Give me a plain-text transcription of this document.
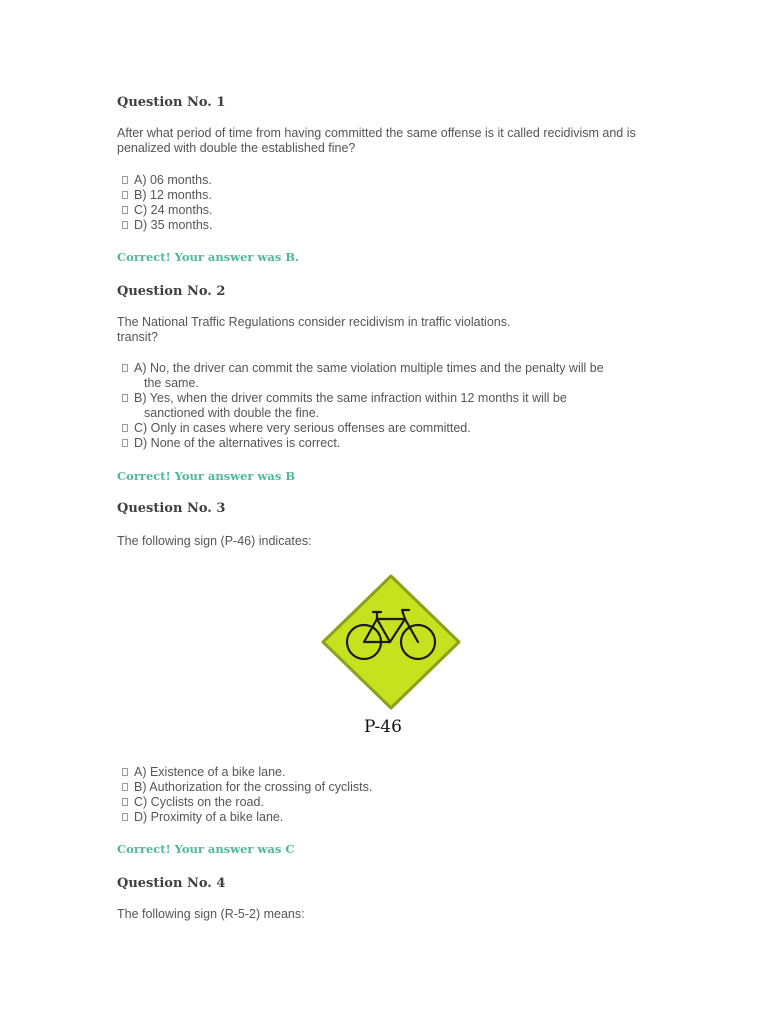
Question No. 1

After what period of time from having committed the same offense is it called recidivism and is penalized with double the established fine?

A) 06 months.
B) 12 months.
C) 24 months.
D) 35 months.

Correct! Your answer was B.

Question No. 2

The National Traffic Regulations consider recidivism in traffic violations.

transit?

A) No, the driver can commit the same violation multiple times and the penalty will be
the same.
B) Yes, when the driver commits the same infraction within 12 months it will be
sanctioned with double the fine.
C) Only in cases where very serious offenses are committed.
D) None of the alternatives is correct.

Correct! Your answer was B

Question No. 3

The following sign (P-46) indicates:

P-46
A) Existence of a bike lane.
B) Authorization for the crossing of cyclists.
C) Cyclists on the road.
D) Proximity of a bike lane.

Correct! Your answer was C

Question No. 4

The following sign (R-5-2) means:
